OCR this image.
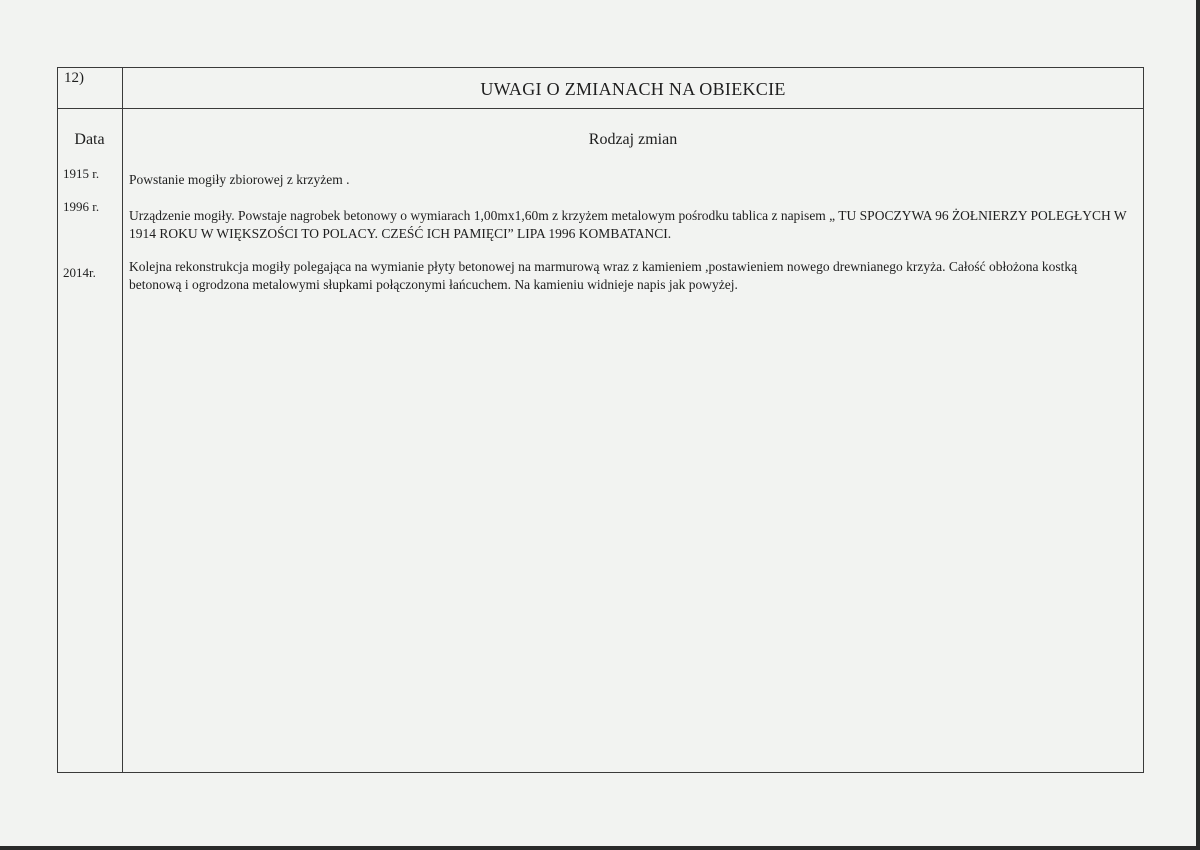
12)
UWAGI O ZMIANACH NA OBIEKCIE
Data	Rodzaj zmian
1915 r. Powstanie mogiły zbiorowej z krzyżem .
1996 r.
Urządzenie mogiły. Powstaje nagrobek betonowy o wymiarach 1,00mx1,60m z krzyżem metalowym pośrodku tablica z napisem „ TU SPOCZYWA 96 ŻOŁNIERZY POLEGŁYCH W 1914 ROKU W WIĘKSZOŚCI TO POLACY. CZEŚĆ ICH PAMIĘCI” LIPA 1996 KOMBATANCI.
2014r. Kolejna rekonstrukcja mogiły polegająca na wymianie płyty betonowej na marmurową wraz z kamieniem ,postawieniem nowego drewnianego krzyża. Całość obłożona kostką betonową i ogrodzona metalowymi słupkami połączonymi łańcuchem. Na kamieniu widnieje napis jak powyżej.
